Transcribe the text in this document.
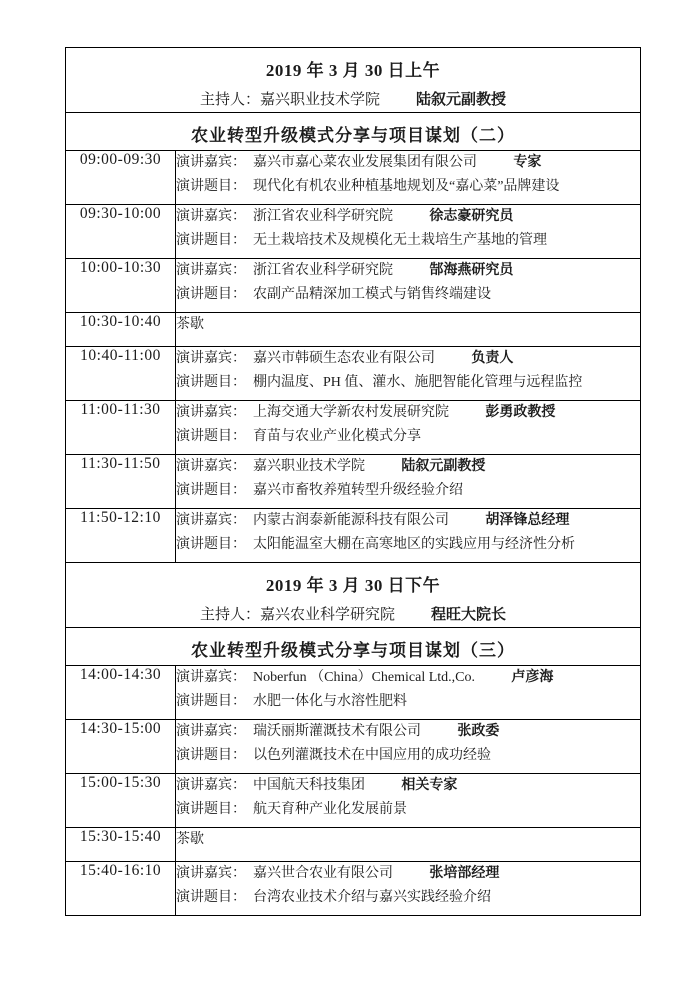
2019 年 3 月 30 日上午
主持人：嘉兴职业技术学院 陆叙元副教授	

农业转型升级模式分享与项目谋划（二）	

09:00-09:30	演讲嘉宾： 嘉兴市嘉心菜农业发展集团有限公司 专家
演讲题目： 现代化有机农业种植基地规划及“嘉心菜”品牌建设

09:30-10:00	演讲嘉宾： 浙江省农业科学研究院 徐志豪研究员
演讲题目： 无土栽培技术及规模化无土栽培生产基地的管理

10:00-10:30	演讲嘉宾： 浙江省农业科学研究院 郜海燕研究员
演讲题目： 农副产品精深加工模式与销售终端建设

10:30-10:40	茶歇
10:40-11:00	演讲嘉宾： 嘉兴市韩硕生态农业有限公司 负责人
演讲题目： 棚内温度、PH 值、灌水、施肥智能化管理与远程监控

11:00-11:30	演讲嘉宾： 上海交通大学新农村发展研究院 彭勇政教授
演讲题目： 育苗与农业产业化模式分享

11:30-11:50	演讲嘉宾： 嘉兴职业技术学院 陆叙元副教授
演讲题目： 嘉兴市畜牧养殖转型升级经验介绍

11:50-12:10	演讲嘉宾： 内蒙古润泰新能源科技有限公司 胡泽锋总经理
演讲题目： 太阳能温室大棚在高寒地区的实践应用与经济性分析

2019 年 3 月 30 日下午
主持人：嘉兴农业科学研究院 程旺大院长	

农业转型升级模式分享与项目谋划（三）	

14:00-14:30	演讲嘉宾： Noberfun （China）Chemical Ltd.,Co. 卢彦海
演讲题目： 水肥一体化与水溶性肥料

14:30-15:00	演讲嘉宾： 瑞沃丽斯灌溉技术有限公司 张政委
演讲题目： 以色列灌溉技术在中国应用的成功经验

15:00-15:30	演讲嘉宾： 中国航天科技集团 相关专家
演讲题目： 航天育种产业化发展前景

15:30-15:40	茶歇
15:40-16:10	演讲嘉宾： 嘉兴世合农业有限公司 张培部经理
演讲题目： 台湾农业技术介绍与嘉兴实践经验介绍
